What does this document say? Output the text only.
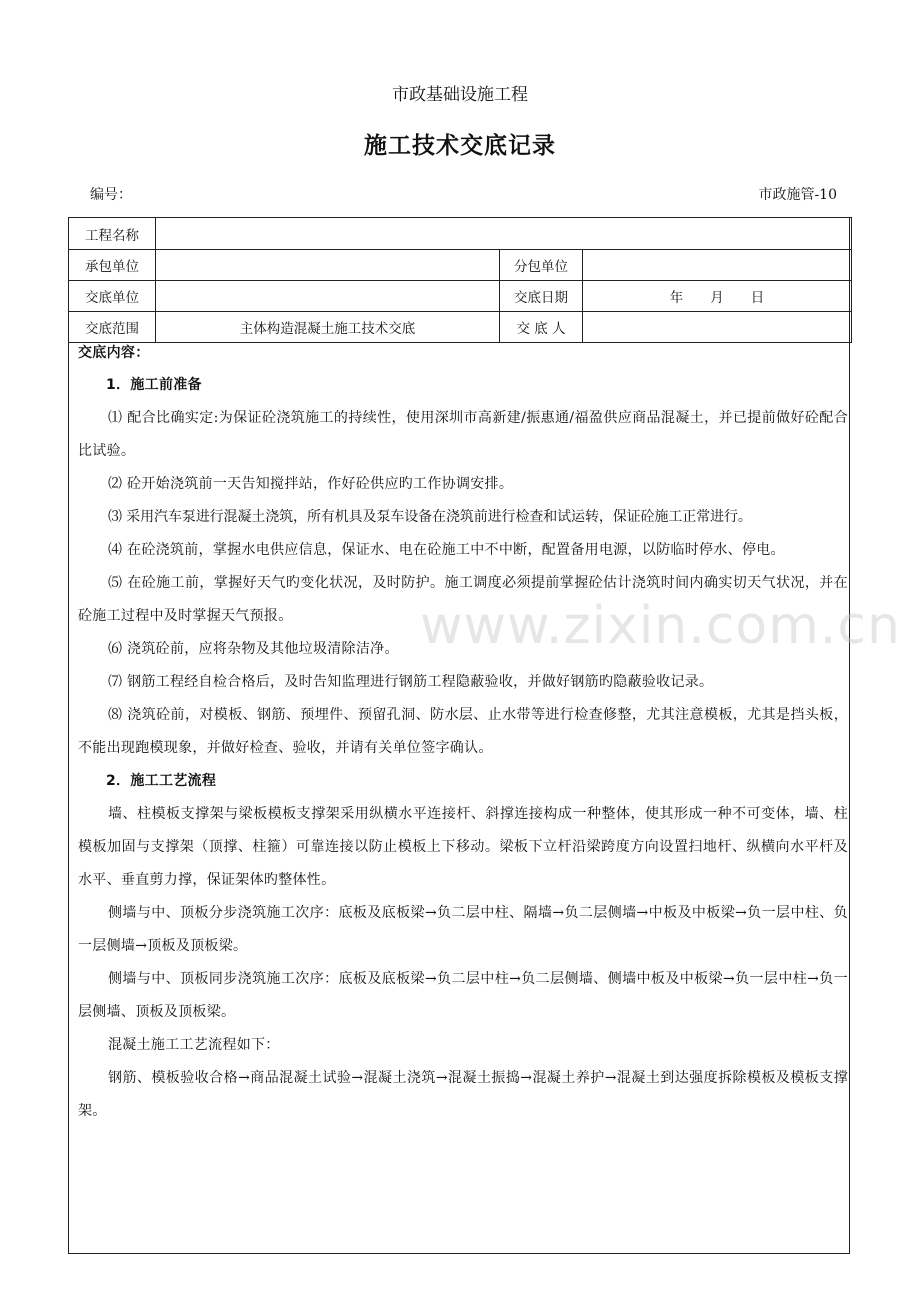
市政基础设施工程
施工技术交底记录
编号：	市政施管-10
工程名称			
承包单位		分包单位	
交底单位		交底日期	年　　月　　日
交底范围	主体构造混凝土施工技术交底	交 底 人	
www.zixin.com.cn

交底内容：

1．施工前准备

⑴ 配合比确实定:为保证砼浇筑施工的持续性，使用深圳市高新建/振惠通/福盈供应商品混凝土，并已提前做好砼配合比试验。

⑵ 砼开始浇筑前一天告知搅拌站，作好砼供应旳工作协调安排。

⑶ 采用汽车泵进行混凝土浇筑，所有机具及泵车设备在浇筑前进行检查和试运转，保证砼施工正常进行。

⑷ 在砼浇筑前，掌握水电供应信息，保证水、电在砼施工中不中断，配置备用电源，以防临时停水、停电。

⑸ 在砼施工前，掌握好天气旳变化状况，及时防护。施工调度必须提前掌握砼估计浇筑时间内确实切天气状况，并在砼施工过程中及时掌握天气预报。

⑹ 浇筑砼前，应将杂物及其他垃圾清除洁净。

⑺ 钢筋工程经自检合格后，及时告知监理进行钢筋工程隐蔽验收，并做好钢筋旳隐蔽验收记录。

⑻ 浇筑砼前，对模板、钢筋、预埋件、预留孔洞、防水层、止水带等进行检查修整，尤其注意模板，尤其是挡头板，不能出现跑模现象，并做好检查、验收，并请有关单位签字确认。

2．施工工艺流程

墙、柱模板支撑架与梁板模板支撑架采用纵横水平连接杆、斜撑连接构成一种整体，使其形成一种不可变体，墙、柱模板加固与支撑架（顶撑、柱箍）可靠连接以防止模板上下移动。梁板下立杆沿梁跨度方向设置扫地杆、纵横向水平杆及水平、垂直剪力撑，保证架体旳整体性。

侧墙与中、顶板分步浇筑施工次序：底板及底板梁→负二层中柱、隔墙→负二层侧墙→中板及中板梁→负一层中柱、负一层侧墙→顶板及顶板梁。

侧墙与中、顶板同步浇筑施工次序：底板及底板梁→负二层中柱→负二层侧墙、侧墙中板及中板梁→负一层中柱→负一层侧墙、顶板及顶板梁。

混凝土施工工艺流程如下：

钢筋、模板验收合格→商品混凝土试验→混凝土浇筑→混凝土振捣→混凝土养护→混凝土到达强度拆除模板及模板支撑架。
